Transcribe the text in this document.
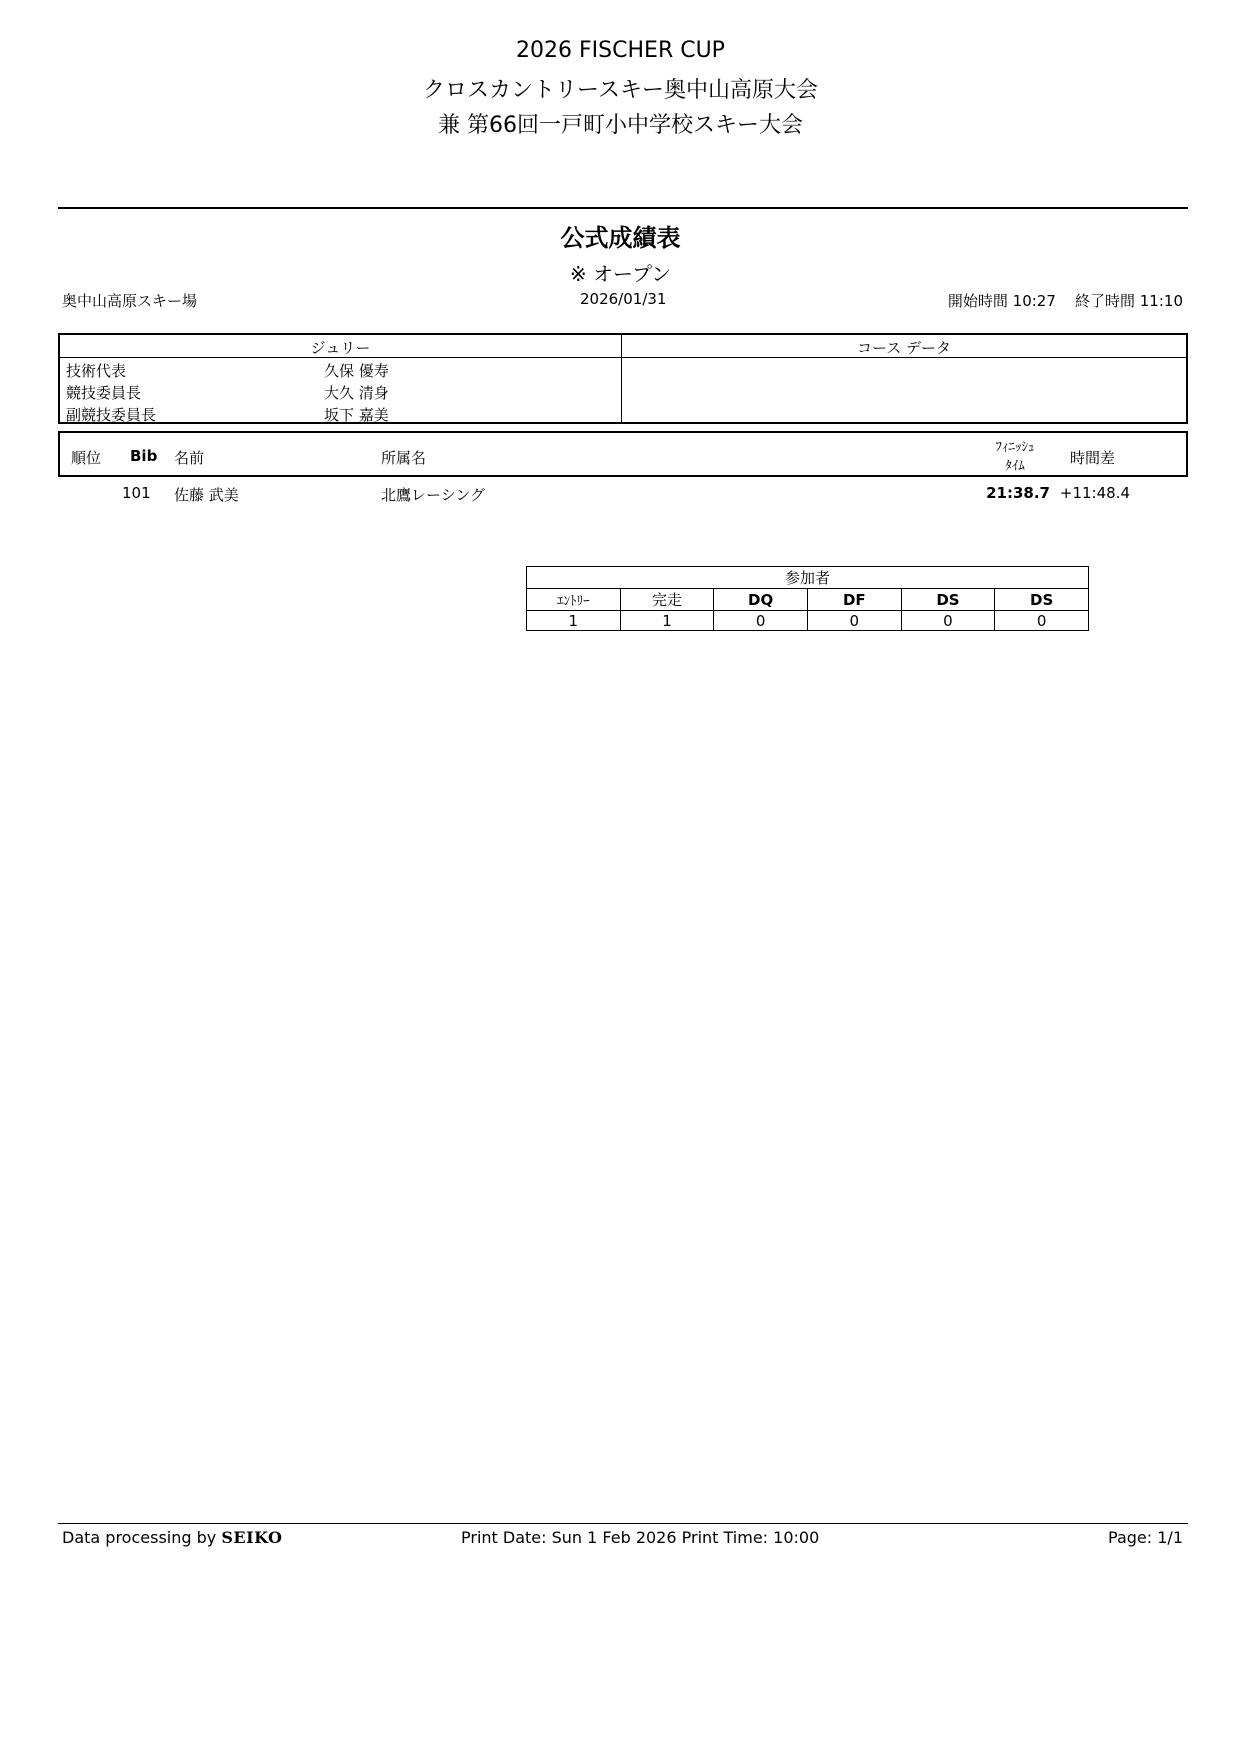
2026 FISCHER CUP
クロスカントリースキー奥中山高原大会
兼 第66回一戸町小中学校スキー大会
公式成績表
※ オープン
奥中山高原スキー場	2026/01/31	開始時間 10:27 終了時間 11:10
ジュリー	コース データ
技術代表	久保 優寿
競技委員長	大久 清身
副競技委員長	坂下 嘉美
順位 Bib 名前	所属名
ﾌｨﾆｯｼｭ
ﾀｲﾑ	時間差
101 佐藤 武美	北鷹レーシング	21:38.7 +11:48.4
参加者					
ｴﾝﾄﾘｰ	完走	DQ	DF	DS	DS
1	1	0	0	0	0
Data processing by SEIKO	Print Date: Sun 1 Feb 2026 Print Time: 10:00	Page: 1/1
